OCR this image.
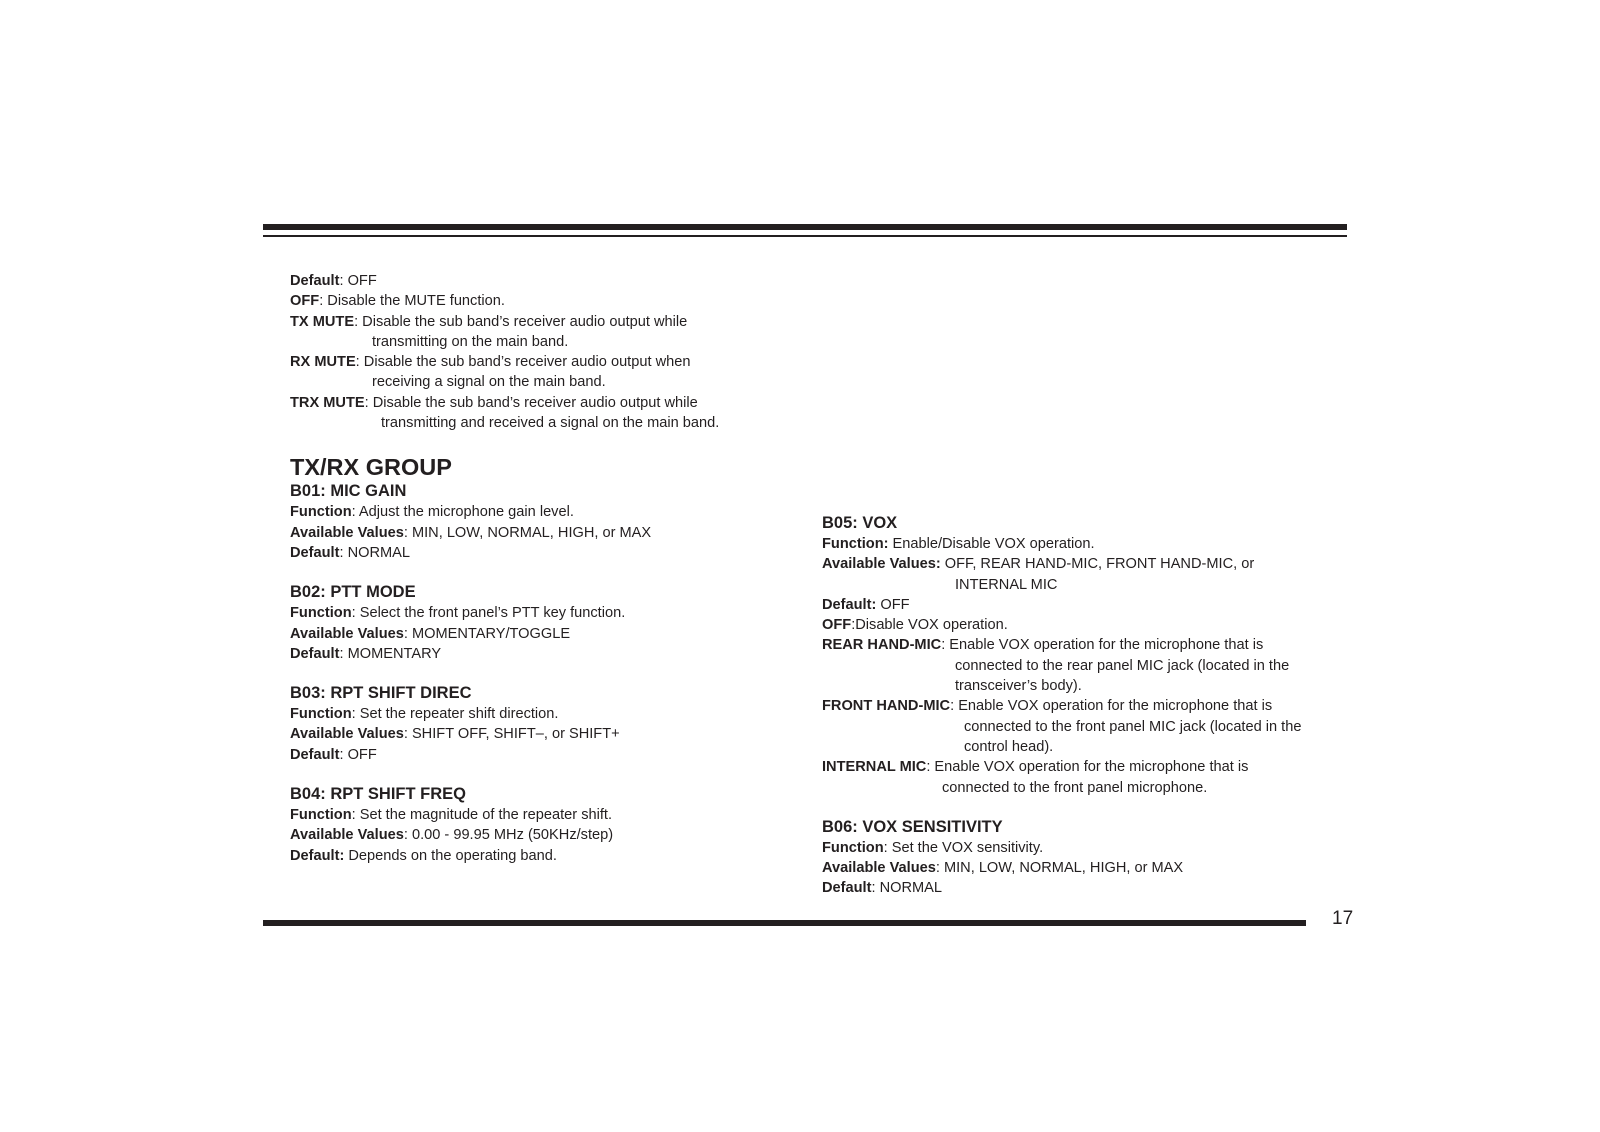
Default: OFF
OFF: Disable the MUTE function.
TX MUTE: Disable the sub band’s receiver audio output while
transmitting on the main band.
RX MUTE: Disable the sub band’s receiver audio output when
receiving a signal on the main band.
TRX MUTE: Disable the sub band’s receiver audio output while
transmitting and received a signal on the main band.
TX/RX GROUP
B01: MIC GAIN
Function: Adjust the microphone gain level.
Available Values: MIN, LOW, NORMAL, HIGH, or MAX
Default: NORMAL
B02: PTT MODE
Function: Select the front panel’s PTT key function.
Available Values: MOMENTARY/TOGGLE
Default: MOMENTARY
B03: RPT SHIFT DIREC
Function: Set the repeater shift direction.
Available Values: SHIFT OFF, SHIFT–, or SHIFT+
Default: OFF
B04: RPT SHIFT FREQ
Function: Set the magnitude of the repeater shift.
Available Values: 0.00 - 99.95 MHz (50KHz/step)
Default: Depends on the operating band.
B05: VOX
Function: Enable/Disable VOX operation.
Available Values: OFF, REAR HAND-MIC, FRONT HAND-MIC, or
INTERNAL MIC
Default: OFF
OFF:Disable VOX operation.
REAR HAND-MIC: Enable VOX operation for the microphone that is
connected to the rear panel MIC jack (located in the
transceiver’s body).
FRONT HAND-MIC: Enable VOX operation for the microphone that is
connected to the front panel MIC jack (located in the
control head).
INTERNAL MIC: Enable VOX operation for the microphone that is
connected to the front panel microphone.
B06: VOX SENSITIVITY
Function: Set the VOX sensitivity.
Available Values: MIN, LOW, NORMAL, HIGH, or MAX
Default: NORMAL
17
